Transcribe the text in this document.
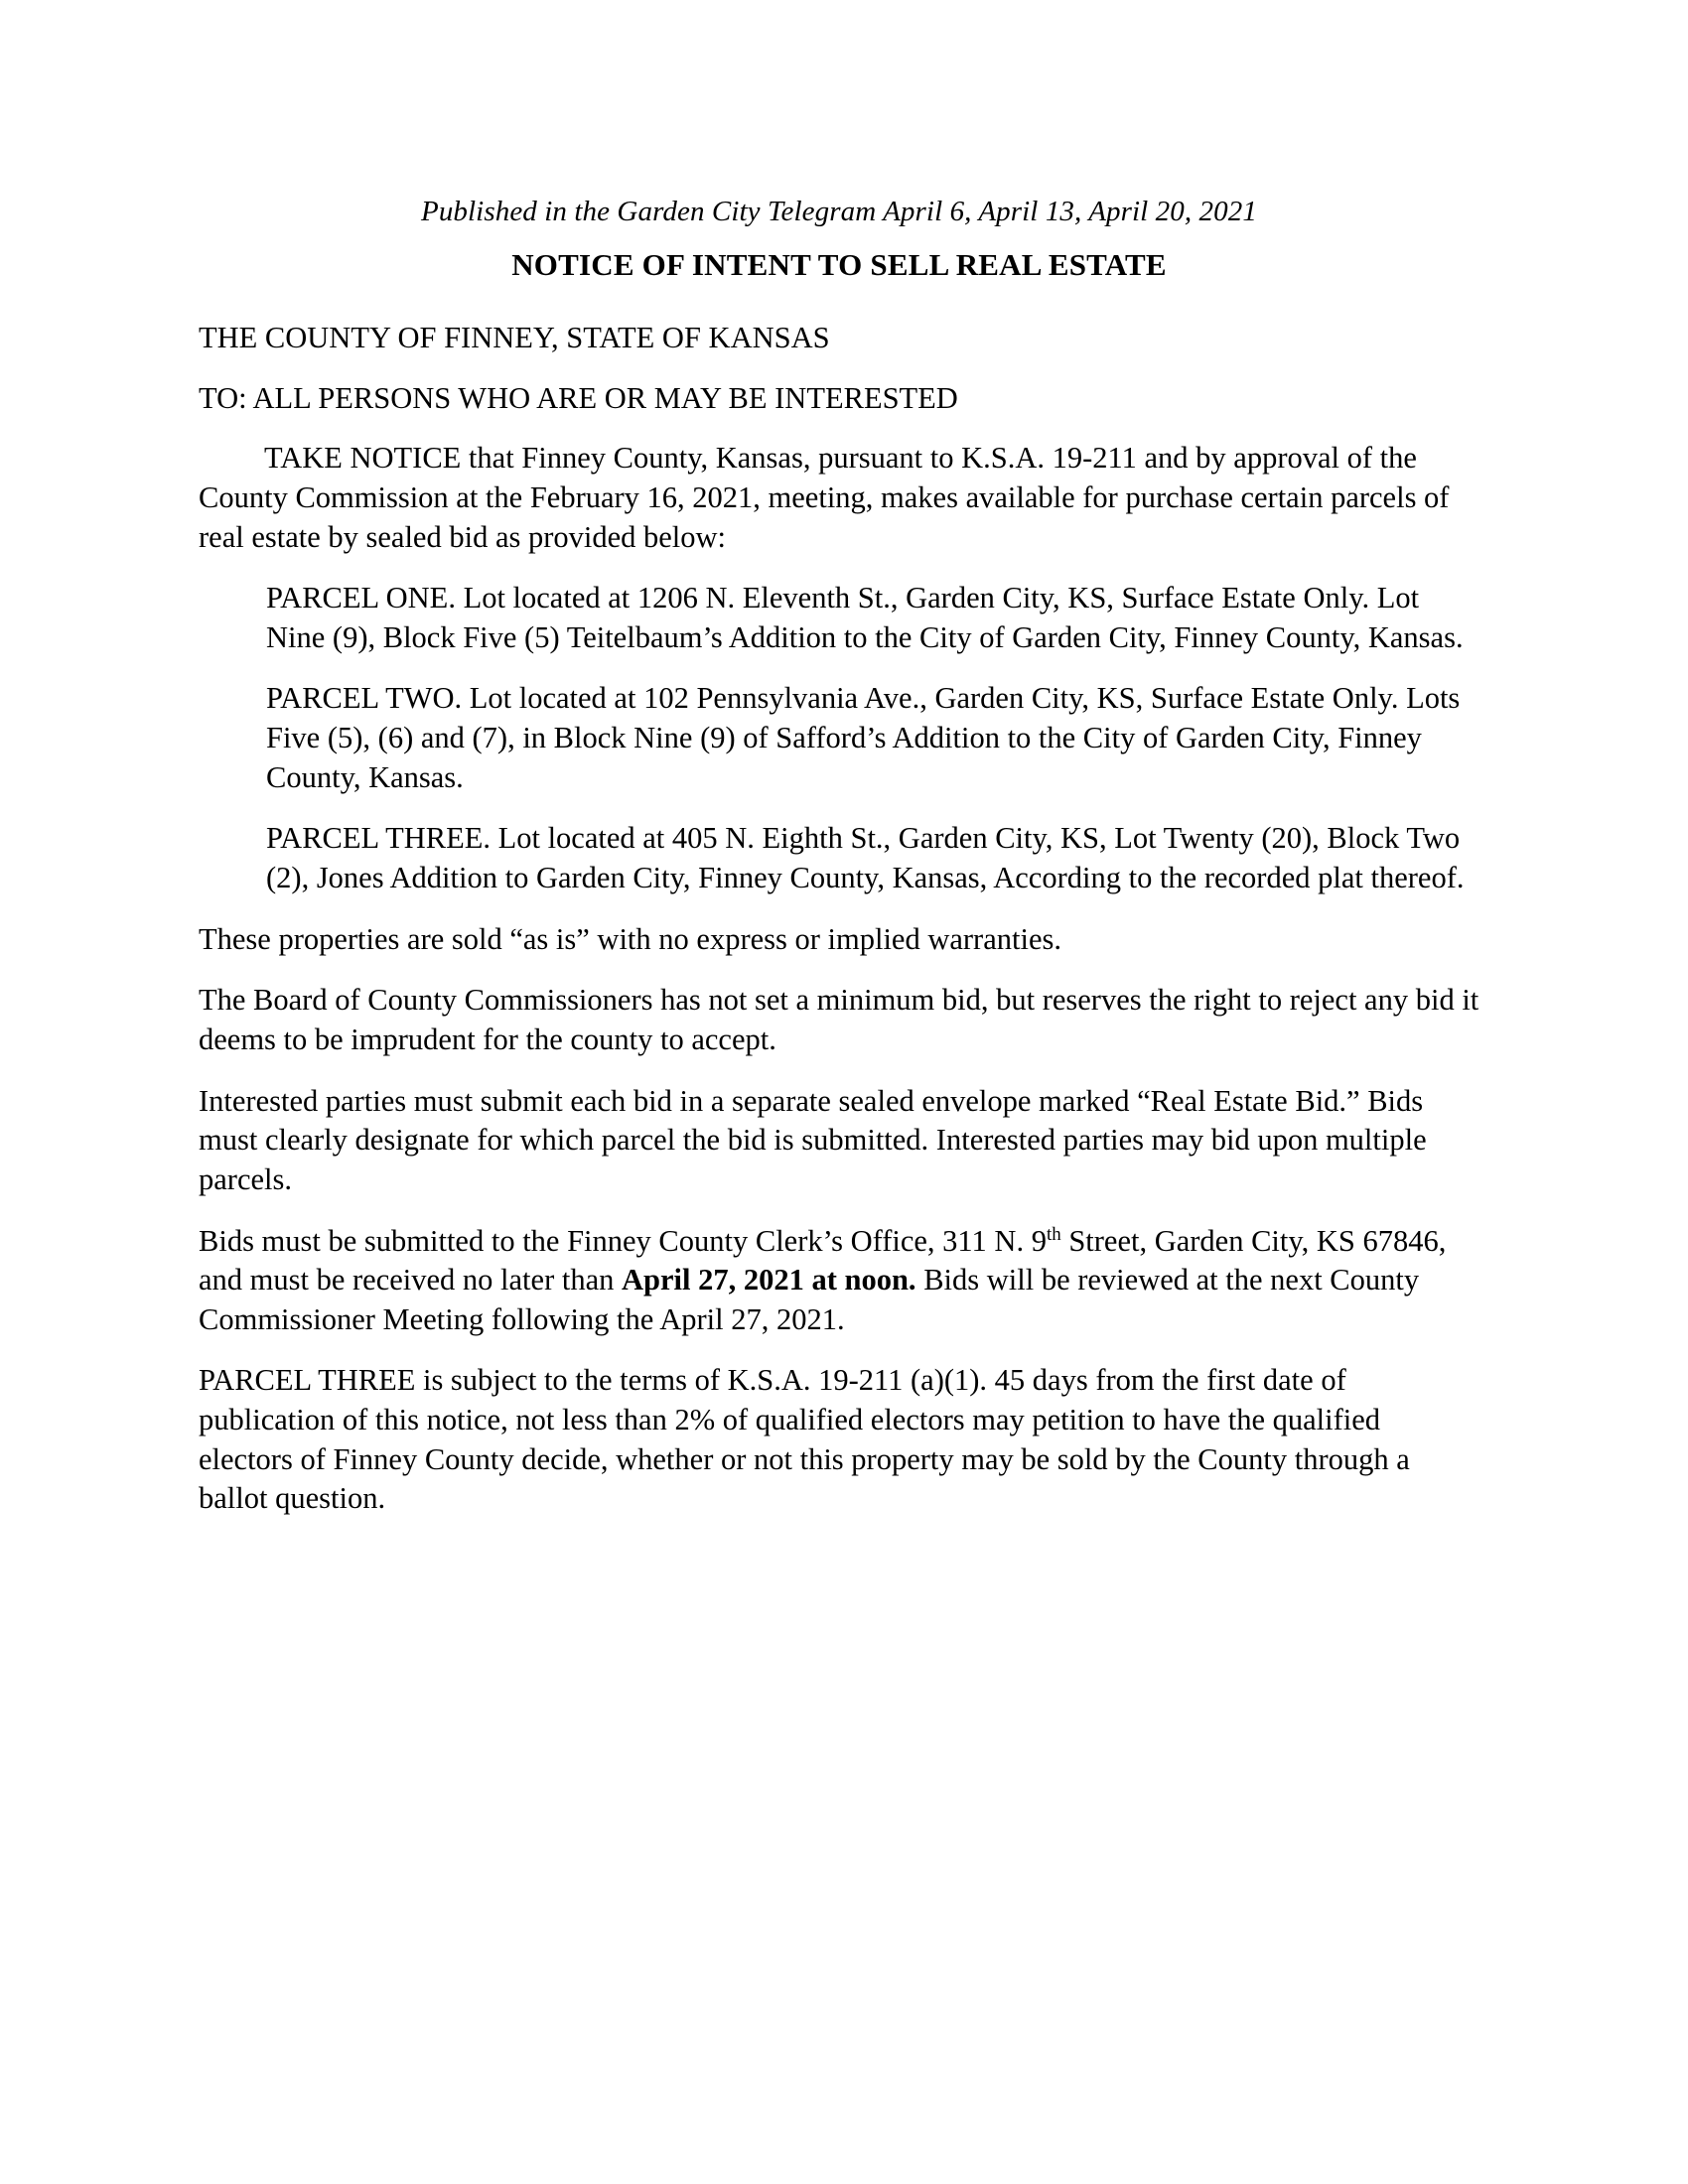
Published in the Garden City Telegram April 6, April 13, April 20, 2021
NOTICE OF INTENT TO SELL REAL ESTATE
THE COUNTY OF FINNEY, STATE OF KANSAS
TO: ALL PERSONS WHO ARE OR MAY BE INTERESTED

TAKE NOTICE that Finney County, Kansas, pursuant to K.S.A. 19-211 and by approval of the County Commission at the February 16, 2021, meeting, makes available for purchase certain parcels of real estate by sealed bid as provided below:

PARCEL ONE. Lot located at 1206 N. Eleventh St., Garden City, KS, Surface Estate Only. Lot Nine (9), Block Five (5) Teitelbaum’s Addition to the City of Garden City, Finney County, Kansas.
PARCEL TWO. Lot located at 102 Pennsylvania Ave., Garden City, KS, Surface Estate Only. Lots Five (5), (6) and (7), in Block Nine (9) of Safford’s Addition to the City of Garden City, Finney County, Kansas.
PARCEL THREE. Lot located at 405 N. Eighth St., Garden City, KS, Lot Twenty (20), Block Two (2), Jones Addition to Garden City, Finney County, Kansas, According to the recorded plat thereof.

These properties are sold “as is” with no express or implied warranties.

The Board of County Commissioners has not set a minimum bid, but reserves the right to reject any bid it deems to be imprudent for the county to accept.

Interested parties must submit each bid in a separate sealed envelope marked “Real Estate Bid.” Bids must clearly designate for which parcel the bid is submitted. Interested parties may bid upon multiple parcels.

Bids must be submitted to the Finney County Clerk’s Office, 311 N. 9th Street, Garden City, KS 67846, and must be received no later than April 27, 2021 at noon. Bids will be reviewed at the next County Commissioner Meeting following the April 27, 2021.

PARCEL THREE is subject to the terms of K.S.A. 19-211 (a)(1). 45 days from the first date of publication of this notice, not less than 2% of qualified electors may petition to have the qualified electors of Finney County decide, whether or not this property may be sold by the County through a ballot question.
